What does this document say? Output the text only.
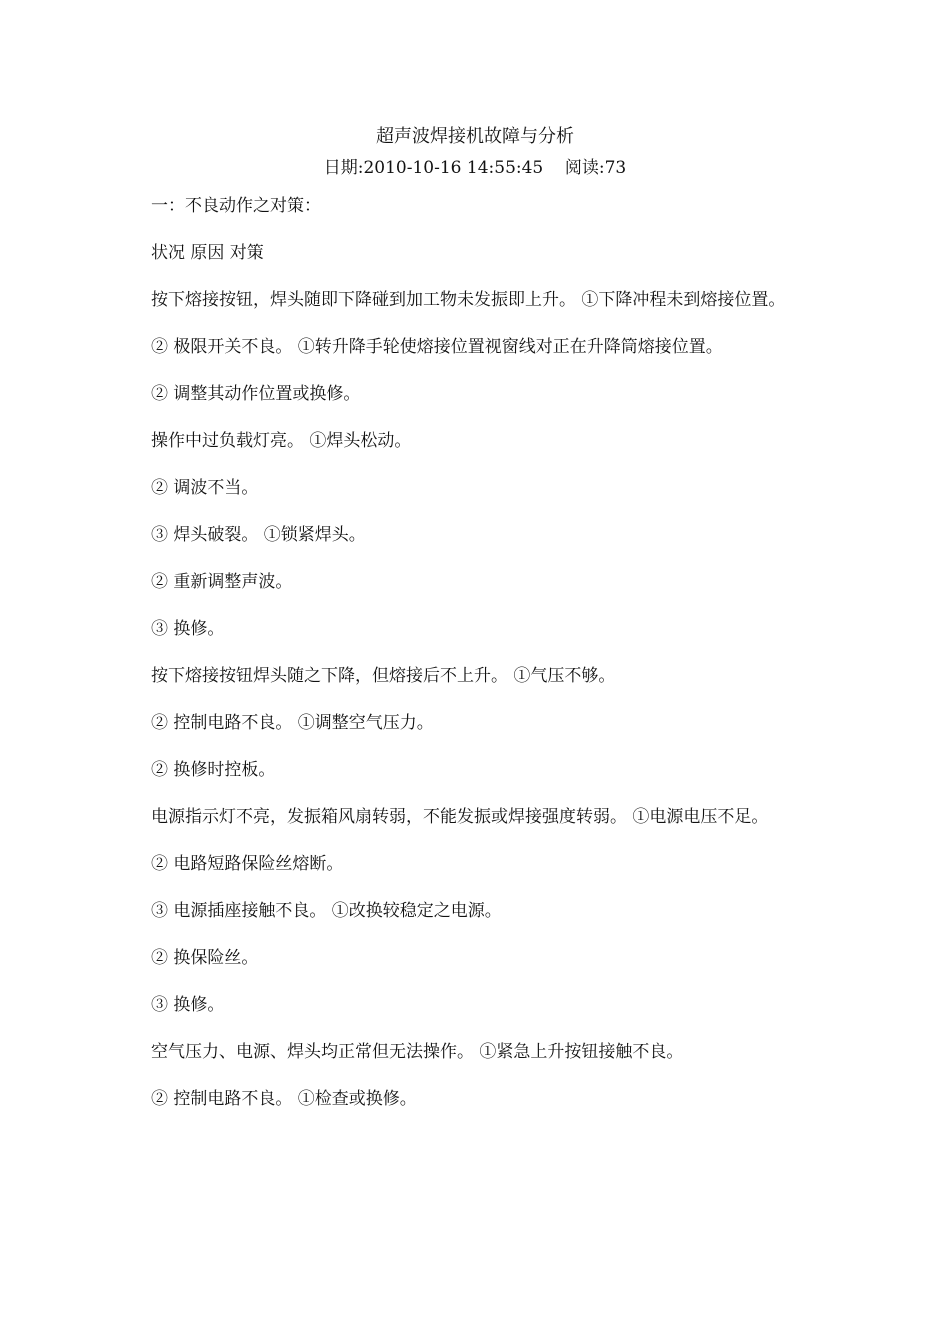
超声波焊接机故障与分析
日期:2010-10-16 14:55:45    阅读:73

一：不良动作之对策：

状况 原因 对策

按下熔接按钮，焊头随即下降碰到加工物未发振即上升。 ①下降冲程未到熔接位置。

② 极限开关不良。 ①转升降手轮使熔接位置视窗线对正在升降筒熔接位置。

② 调整其动作位置或换修。

操作中过负载灯亮。 ①焊头松动。

② 调波不当。

③ 焊头破裂。 ①锁紧焊头。

② 重新调整声波。

③ 换修。

按下熔接按钮焊头随之下降，但熔接后不上升。 ①气压不够。

② 控制电路不良。 ①调整空气压力。

② 换修时控板。

电源指示灯不亮，发振箱风扇转弱，不能发振或焊接强度转弱。 ①电源电压不足。

② 电路短路保险丝熔断。

③ 电源插座接触不良。 ①改换较稳定之电源。

② 换保险丝。

③ 换修。

空气压力、电源、焊头均正常但无法操作。 ①紧急上升按钮接触不良。

② 控制电路不良。 ①检查或换修。
